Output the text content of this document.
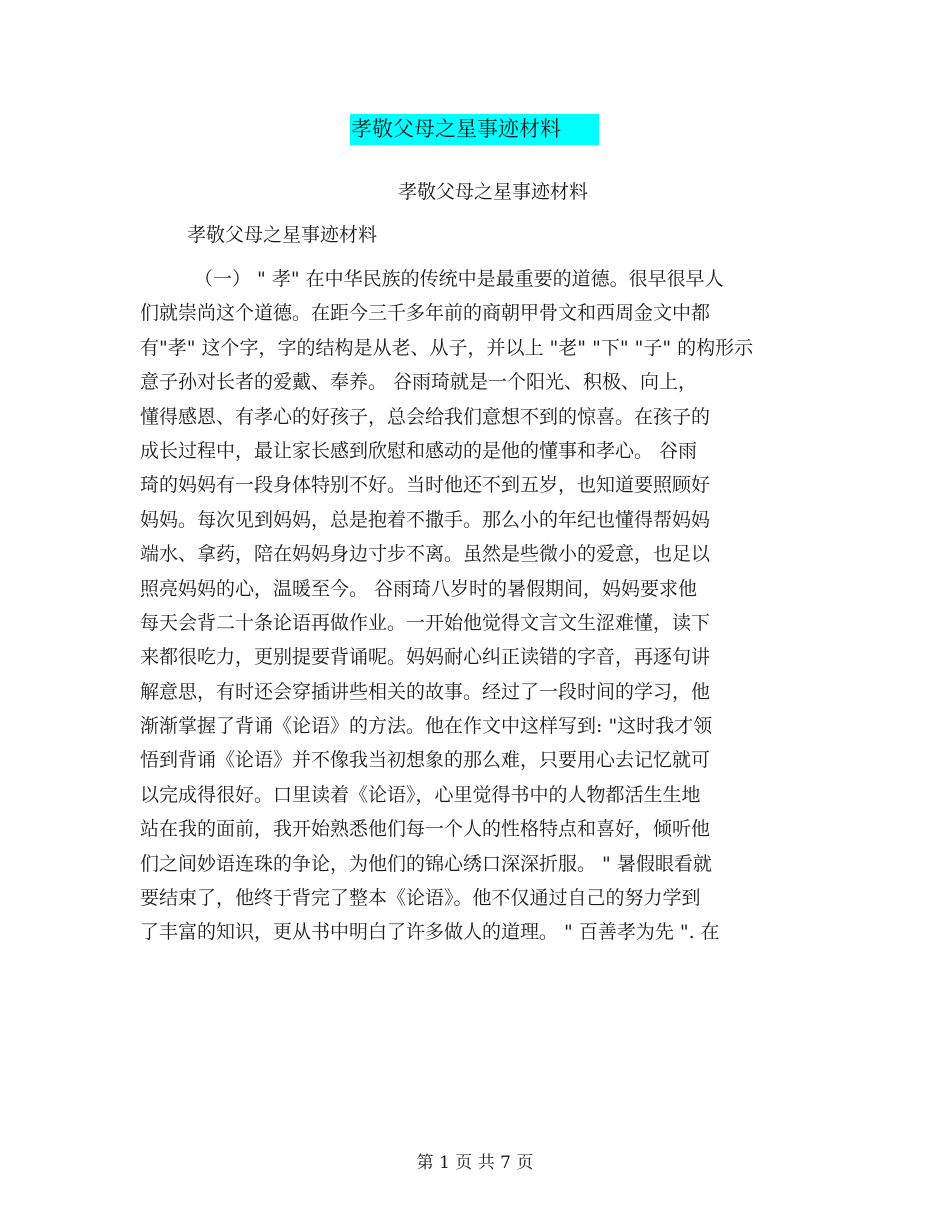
孝敬父母之星事迹材料
孝敬父母之星事迹材料
孝敬父母之星事迹材料
（一） " 孝" 在中华民族的传统中是最重要的道德。很早很早人
们就崇尚这个道德。在距今三千多年前的商朝甲骨文和西周金文中都
有"孝" 这个字，字的结构是从老、从子，并以上 "老" "下" "子" 的构形示
意子孙对长者的爱戴、奉养。 谷雨琦就是一个阳光、积极、向上，
懂得感恩、有孝心的好孩子，总会给我们意想不到的惊喜。在孩子的
成长过程中，最让家长感到欣慰和感动的是他的懂事和孝心。 谷雨
琦的妈妈有一段身体特别不好。当时他还不到五岁，也知道要照顾好
妈妈。每次见到妈妈，总是抱着不撒手。那么小的年纪也懂得帮妈妈
端水、拿药，陪在妈妈身边寸步不离。虽然是些微小的爱意，也足以
照亮妈妈的心，温暖至今。 谷雨琦八岁时的暑假期间，妈妈要求他
每天会背二十条论语再做作业。一开始他觉得文言文生涩难懂，读下
来都很吃力，更别提要背诵呢。妈妈耐心纠正读错的字音，再逐句讲
解意思，有时还会穿插讲些相关的故事。经过了一段时间的学习，他
渐渐掌握了背诵《论语》的方法。他在作文中这样写到: "这时我才领
悟到背诵《论语》并不像我当初想象的那么难，只要用心去记忆就可
以完成得很好。口里读着《论语》，心里觉得书中的人物都活生生地
站在我的面前，我开始熟悉他们每一个人的性格特点和喜好，倾听他
们之间妙语连珠的争论，为他们的锦心绣口深深折服。 " 暑假眼看就
要结束了，他终于背完了整本《论语》。他不仅通过自己的努力学到
了丰富的知识，更从书中明白了许多做人的道理。 " 百善孝为先 ". 在
第 1 页 共 7 页
